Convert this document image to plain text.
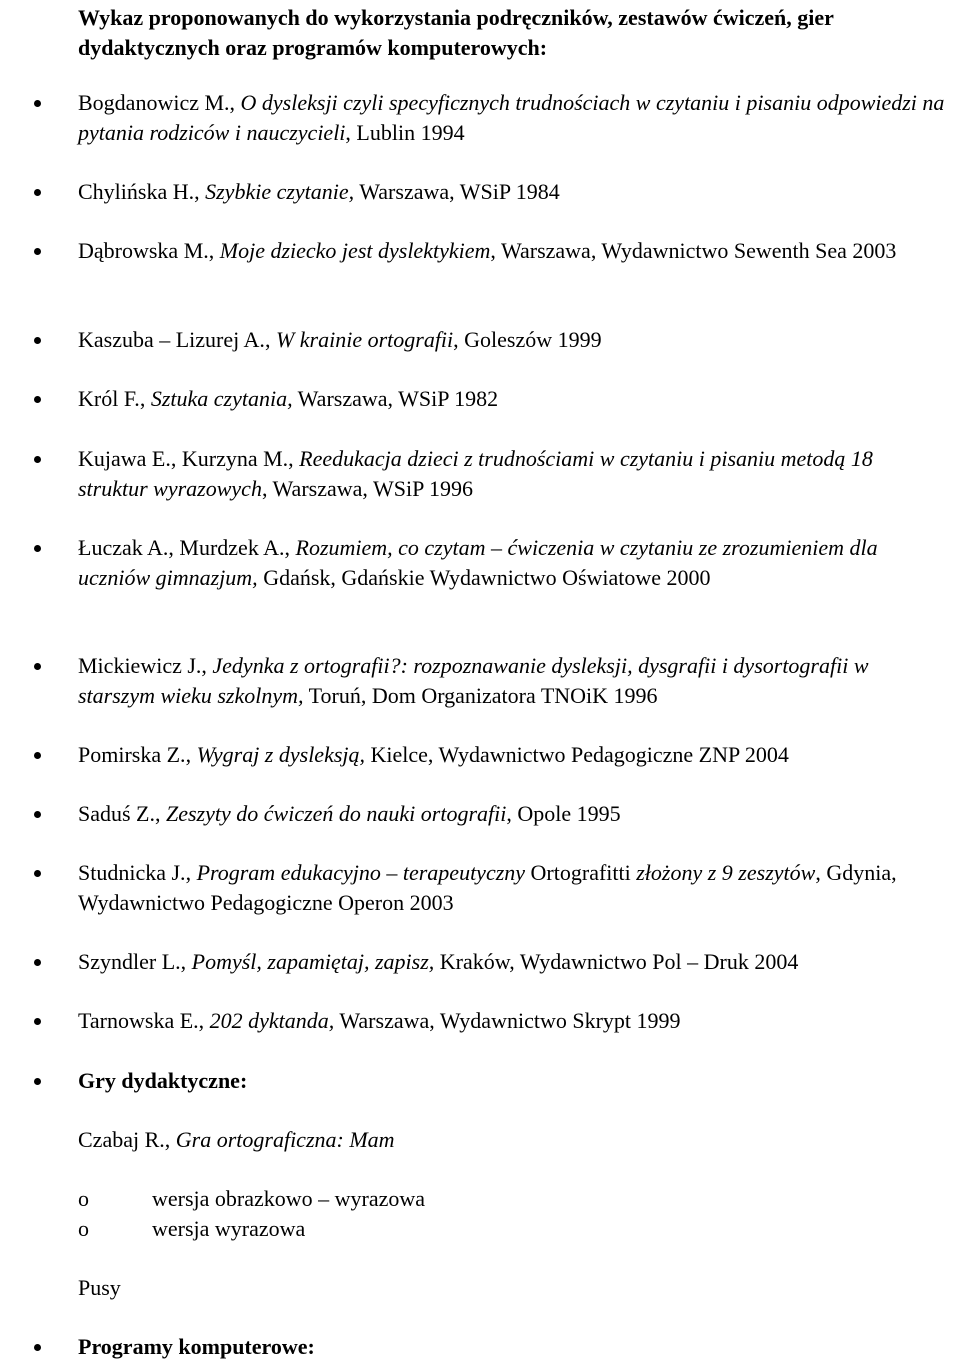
Wykaz proponowanych do wykorzystania podręczników, zestawów ćwiczeń, gier
dydaktycznych oraz programów komputerowych:
Bogdanowicz M., O dysleksji czyli specyficznych trudnościach w czytaniu i pisaniu odpowiedzi na pytania rodziców i nauczycieli, Lublin 1994
Chylińska H., Szybkie czytanie, Warszawa, WSiP 1984
Dąbrowska M., Moje dziecko jest dyslektykiem, Warszawa, Wydawnictwo Sewenth Sea 2003
Kaszuba – Lizurej A., W krainie ortografii, Goleszów 1999
Król F., Sztuka czytania, Warszawa, WSiP 1982
Kujawa E., Kurzyna M., Reedukacja dzieci z trudnościami w czytaniu i pisaniu metodą 18 struktur wyrazowych, Warszawa, WSiP 1996
Łuczak A., Murdzek A., Rozumiem, co czytam – ćwiczenia w czytaniu ze zrozumieniem dla uczniów gimnazjum, Gdańsk, Gdańskie Wydawnictwo Oświatowe 2000
Mickiewicz J., Jedynka z ortografii?: rozpoznawanie dysleksji, dysgrafii i dysortografii w starszym wieku szkolnym, Toruń, Dom Organizatora TNOiK 1996
Pomirska Z., Wygraj z dysleksją, Kielce, Wydawnictwo Pedagogiczne ZNP 2004
Saduś Z., Zeszyty do ćwiczeń do nauki ortografii, Opole 1995
Studnicka J., Program edukacyjno – terapeutyczny Ortografitti złożony z 9 zeszytów, Gdynia, Wydawnictwo Pedagogiczne Operon 2003
Szyndler L., Pomyśl, zapamiętaj, zapisz, Kraków, Wydawnictwo Pol – Druk 2004
Tarnowska E., 202 dyktanda, Warszawa, Wydawnictwo Skrypt 1999
Gry dydaktyczne:
Czabaj R., Gra ortograficzna: Mam
o	wersja obrazkowo – wyrazowa
o	wersja wyrazowa
Pusy
Programy komputerowe:
